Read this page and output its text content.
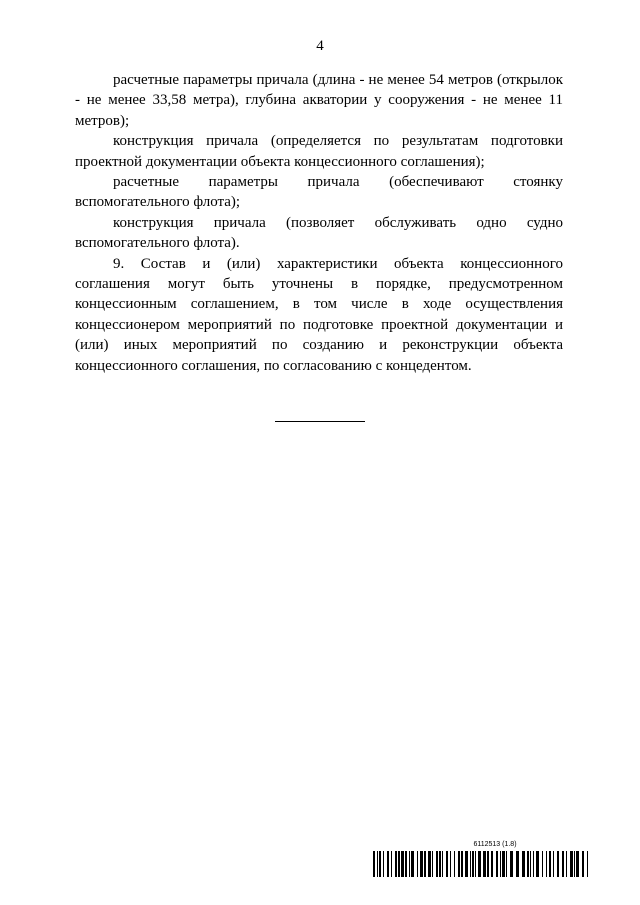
4

расчетные параметры причала (длина - не менее 54 метров (открылок - не менее 33,58 метра), глубина акватории у сооружения - не менее 11 метров);

конструкция причала (определяется по результатам подготовки проектной документации объекта концессионного соглашения);

расчетные параметры причала (обеспечивают стоянку вспомогательного флота);

конструкция причала (позволяет обслуживать одно судно вспомогательного флота).

9. Состав и (или) характеристики объекта концессионного соглашения могут быть уточнены в порядке, предусмотренном концессионным соглашением, в том числе в ходе осуществления концессионером мероприятий по подготовке проектной документации и (или) иных мероприятий по созданию и реконструкции объекта концессионного соглашения, по согласованию с концедентом.

6112513 (1.8)
